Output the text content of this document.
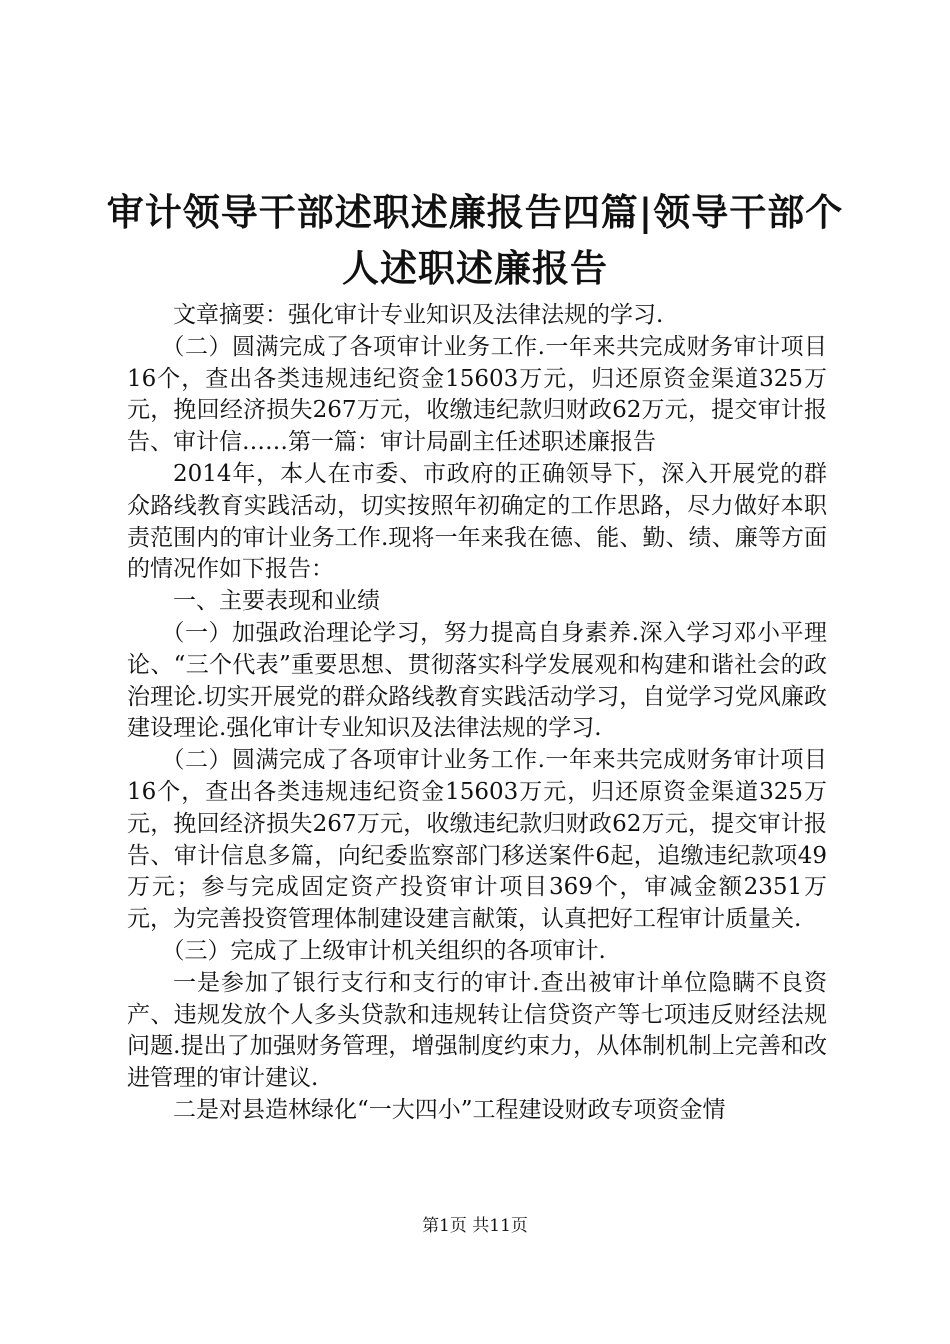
审计领导干部述职述廉报告四篇|领导干部个
人述职述廉报告

文章摘要：强化审计专业知识及法律法规的学习.

（二）圆满完成了各项审计业务工作.一年来共完成财务审计项目16个，查出各类违规违纪资金15603万元，归还原资金渠道325万元，挽回经济损失267万元，收缴违纪款归财政62万元，提交审计报告、审计信……第一篇：审计局副主任述职述廉报告

2014年，本人在市委、市政府的正确领导下，深入开展党的群众路线教育实践活动，切实按照年初确定的工作思路，尽力做好本职责范围内的审计业务工作.现将一年来我在德、能、勤、绩、廉等方面的情况作如下报告：

一、主要表现和业绩

（一）加强政治理论学习，努力提高自身素养.深入学习邓小平理论、“三个代表”重要思想、贯彻落实科学发展观和构建和谐社会的政治理论.切实开展党的群众路线教育实践活动学习，自觉学习党风廉政建设理论.强化审计专业知识及法律法规的学习.

（二）圆满完成了各项审计业务工作.一年来共完成财务审计项目16个，查出各类违规违纪资金15603万元，归还原资金渠道325万元，挽回经济损失267万元，收缴违纪款归财政62万元，提交审计报告、审计信息多篇，向纪委监察部门移送案件6起，追缴违纪款项49万元；参与完成固定资产投资审计项目369个，审减金额2351万元，为完善投资管理体制建设建言献策，认真把好工程审计质量关.

（三）完成了上级审计机关组织的各项审计.

一是参加了银行支行和支行的审计.查出被审计单位隐瞒不良资产、违规发放个人多头贷款和违规转让信贷资产等七项违反财经法规问题.提出了加强财务管理，增强制度约束力，从体制机制上完善和改进管理的审计建议.

二是对县造林绿化“一大四小”工程建设财政专项资金情

第1页 共11页
